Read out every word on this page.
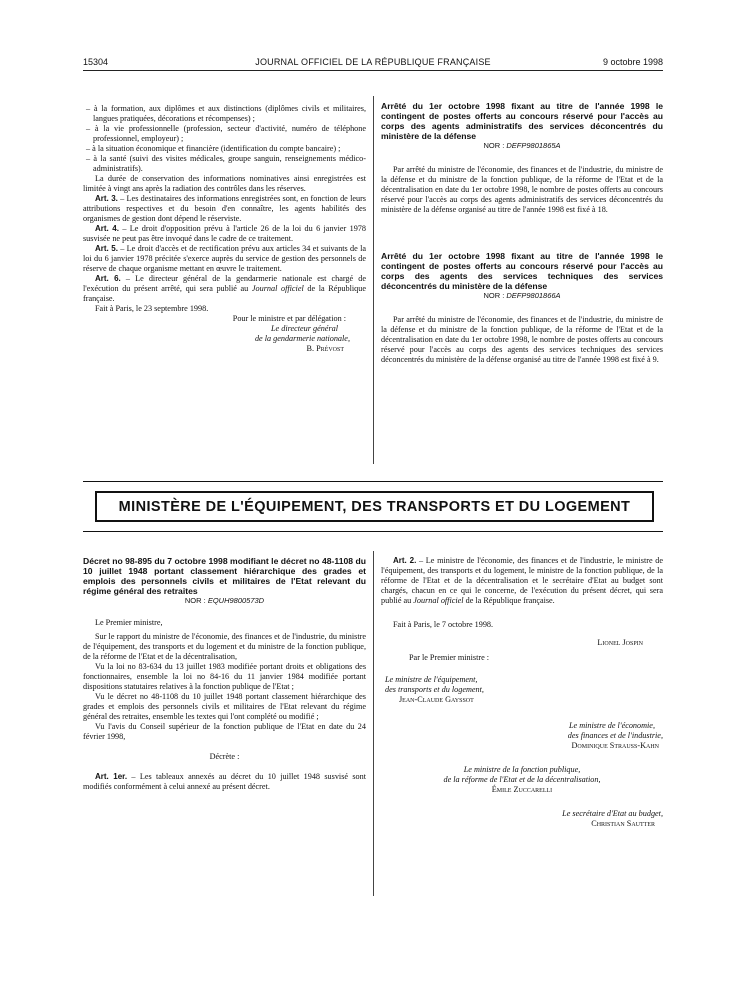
15304	JOURNAL OFFICIEL DE LA RÉPUBLIQUE FRANÇAISE	9 octobre 1998

– à la formation, aux diplômes et aux distinctions (diplômes civils et militaires, langues pratiquées, décorations et récompenses) ;

– à la vie professionnelle (profession, secteur d'activité, numéro de téléphone professionnel, employeur) ;

– à la situation économique et financière (identification du compte bancaire) ;

– à la santé (suivi des visites médicales, groupe sanguin, renseignements médico-administratifs).

La durée de conservation des informations nominatives ainsi enregistrées est limitée à vingt ans après la radiation des contrôles dans les réserves.

Art. 3. – Les destinataires des informations enregistrées sont, en fonction de leurs attributions respectives et du besoin d'en connaître, les agents habilités des organismes de gestion dont dépend le réserviste.

Art. 4. – Le droit d'opposition prévu à l'article 26 de la loi du 6 janvier 1978 susvisée ne peut pas être invoqué dans le cadre de ce traitement.

Art. 5. – Le droit d'accès et de rectification prévu aux articles 34 et suivants de la loi du 6 janvier 1978 précitée s'exerce auprès du service de gestion des personnels de réserve de chaque organisme mettant en œuvre le traitement.

Art. 6. – Le directeur général de la gendarmerie nationale est chargé de l'exécution du présent arrêté, qui sera publié au Journal officiel de la République française.

Fait à Paris, le 23 septembre 1998.

Pour le ministre et par délégation :

Le directeur général

de la gendarmerie nationale,

B. Prévost

Arrêté du 1er octobre 1998 fixant au titre de l'année 1998 le contingent de postes offerts au concours réservé pour l'accès au corps des agents administratifs des services déconcentrés du ministère de la défense

NOR : DEFP9801865A

Par arrêté du ministre de l'économie, des finances et de l'industrie, du ministre de la défense et du ministre de la fonction publique, de la réforme de l'Etat et de la décentralisation en date du 1er octobre 1998, le nombre de postes offerts au concours réservé pour l'accès au corps des agents administratifs des services déconcentrés du ministère de la défense organisé au titre de l'année 1998 est fixé à 18.

Arrêté du 1er octobre 1998 fixant au titre de l'année 1998 le contingent de postes offerts au concours réservé pour l'accès au corps des agents des services techniques des services déconcentrés du ministère de la défense

NOR : DEFP9801866A

Par arrêté du ministre de l'économie, des finances et de l'industrie, du ministre de la défense et du ministre de la fonction publique, de la réforme de l'Etat et de la décentralisation en date du 1er octobre 1998, le nombre de postes offerts au concours réservé pour l'accès au corps des agents des services techniques des services déconcentrés du ministère de la défense organisé au titre de l'année 1998 est fixé à 9.

MINISTÈRE DE L'ÉQUIPEMENT, DES TRANSPORTS ET DU LOGEMENT

Décret no 98-895 du 7 octobre 1998 modifiant le décret no 48-1108 du 10 juillet 1948 portant classement hiérarchique des grades et emplois des personnels civils et militaires de l'Etat relevant du régime général des retraites

NOR : EQUH9800573D

Le Premier ministre,

Sur le rapport du ministre de l'économie, des finances et de l'industrie, du ministre de l'équipement, des transports et du logement et du ministre de la fonction publique, de la réforme de l'Etat et de la décentralisation,

Vu la loi no 83-634 du 13 juillet 1983 modifiée portant droits et obligations des fonctionnaires, ensemble la loi no 84-16 du 11 janvier 1984 modifiée portant dispositions statutaires relatives à la fonction publique de l'Etat ;

Vu le décret no 48-1108 du 10 juillet 1948 portant classement hiérarchique des grades et emplois des personnels civils et militaires de l'Etat relevant du régime général des retraites, ensemble les textes qui l'ont complété ou modifié ;

Vu l'avis du Conseil supérieur de la fonction publique de l'Etat en date du 24 février 1998,

Décrète :

Art. 1er. – Les tableaux annexés au décret du 10 juillet 1948 susvisé sont modifiés conformément à celui annexé au présent décret.

Art. 2. – Le ministre de l'économie, des finances et de l'industrie, le ministre de l'équipement, des transports et du logement, le ministre de la fonction publique, de la réforme de l'Etat et de la décentralisation et le secrétaire d'Etat au budget sont chargés, chacun en ce qui le concerne, de l'exécution du présent décret, qui sera publié au Journal officiel de la République française.

Fait à Paris, le 7 octobre 1998.

Lionel Jospin

Par le Premier ministre :

Le ministre de l'équipement,

des transports et du logement,

Jean-Claude Gayssot

Le ministre de l'économie,

des finances et de l'industrie,

Dominique Strauss-Kahn

Le ministre de la fonction publique,

de la réforme de l'Etat et de la décentralisation,

Émile Zuccarelli

Le secrétaire d'Etat au budget,

Christian Sautter
